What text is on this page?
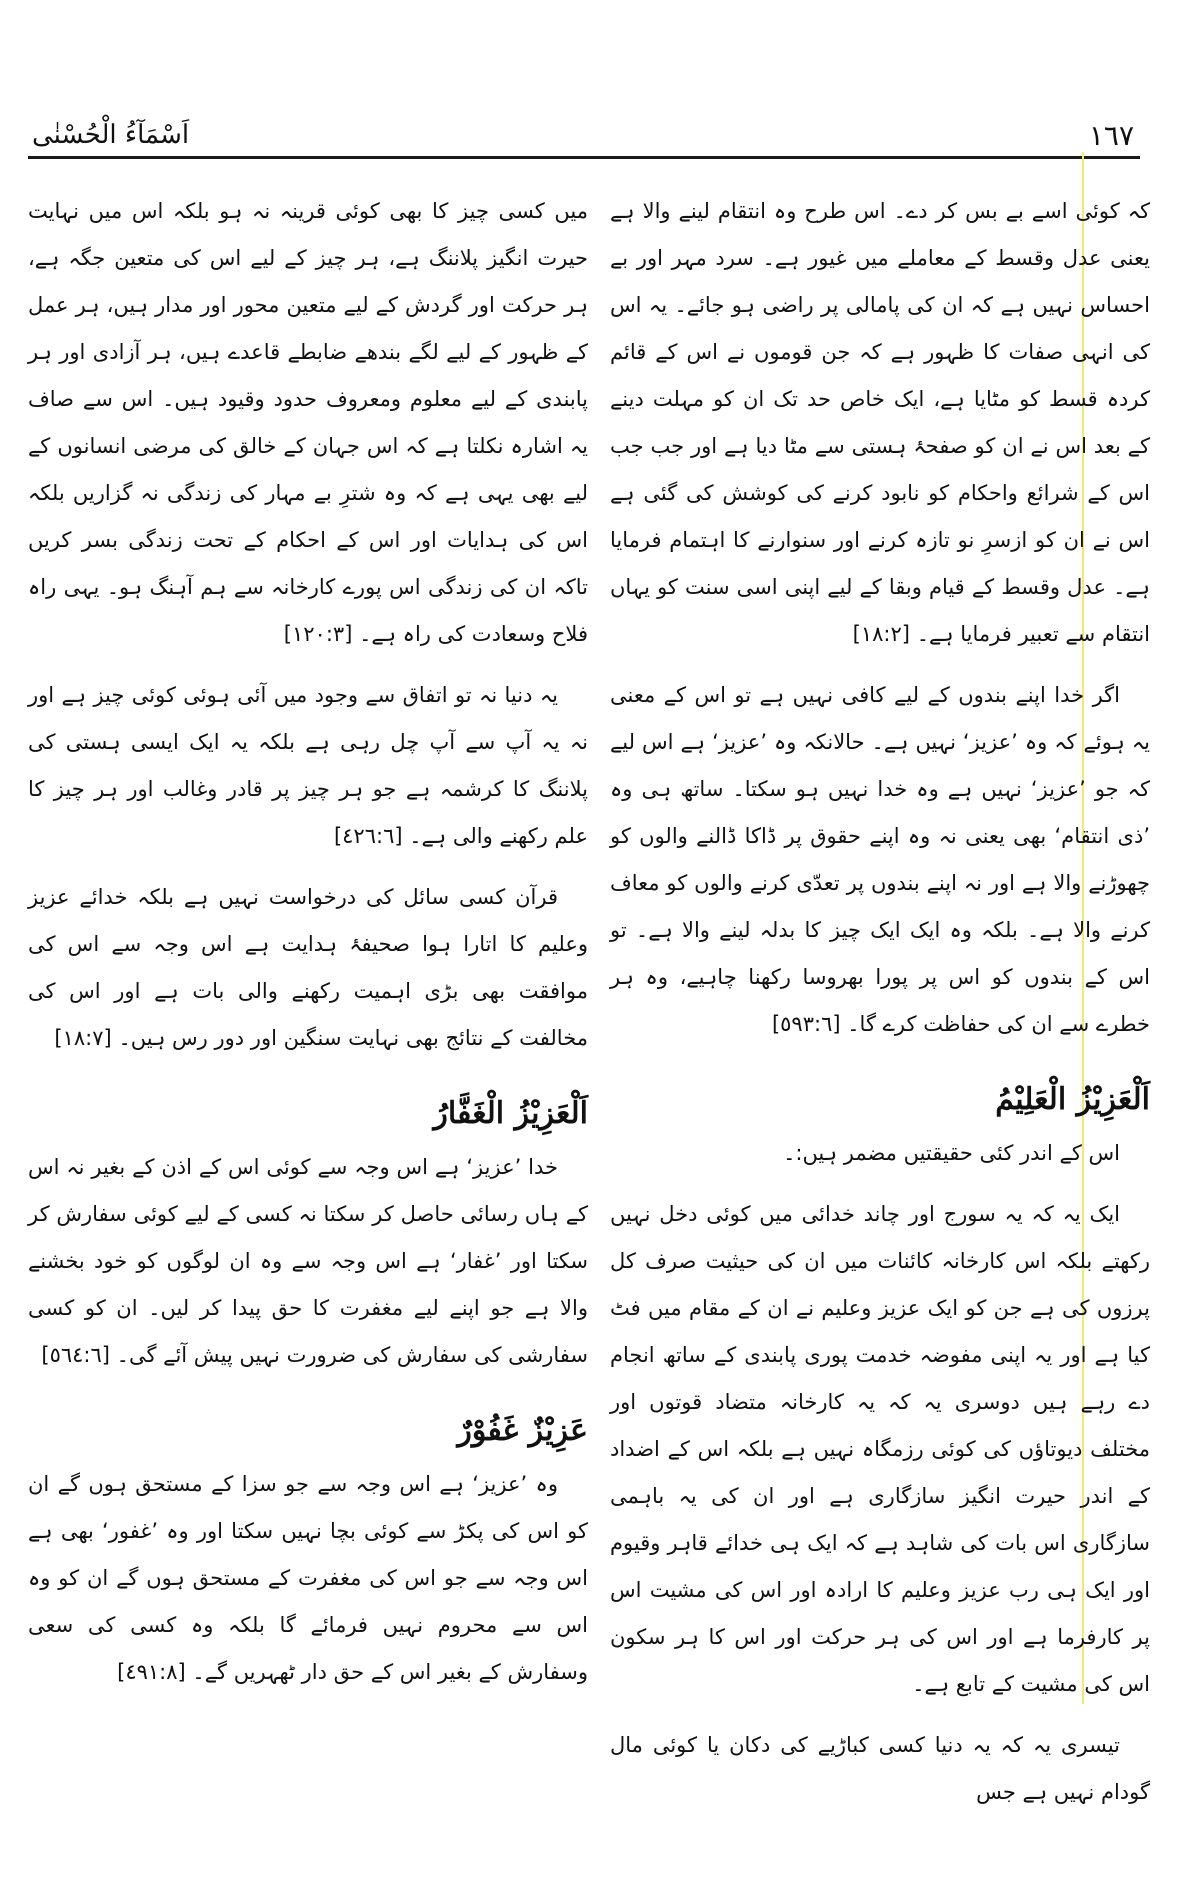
اَسْمَآءُ الْحُسْنٰی	١٦٧

کہ کوئی اسے بے بس کر دے۔ اس طرح وہ انتقام لینے والا ہے یعنی عدل وقسط کے معاملے میں غیور ہے۔ سرد مہر اور بے احساس نہیں ہے کہ ان کی پامالی پر راضی ہو جائے۔ یہ اس کی انہی صفات کا ظہور ہے کہ جن قوموں نے اس کے قائم کردہ قسط کو مٹایا ہے، ایک خاص حد تک ان کو مہلت دینے کے بعد اس نے ان کو صفحۂ ہستی سے مٹا دیا ہے اور جب جب اس کے شرائع واحکام کو نابود کرنے کی کوشش کی گئی ہے اس نے ان کو ازسرِ نو تازہ کرنے اور سنوارنے کا اہتمام فرمایا ہے۔ عدل وقسط کے قیام وبقا کے لیے اپنی اسی سنت کو یہاں انتقام سے تعبیر فرمایا ہے۔ [١٨:٢]

اگر خدا اپنے بندوں کے لیے کافی نہیں ہے تو اس کے معنی یہ ہوئے کہ وہ ’عزیز‘ نہیں ہے۔ حالانکہ وہ ’عزیز‘ ہے اس لیے کہ جو ’عزیز‘ نہیں ہے وہ خدا نہیں ہو سکتا۔ ساتھ ہی وہ ’ذی انتقام‘ بھی یعنی نہ وہ اپنے حقوق پر ڈاکا ڈالنے والوں کو چھوڑنے والا ہے اور نہ اپنے بندوں پر تعدّی کرنے والوں کو معاف کرنے والا ہے۔ بلکہ وہ ایک ایک چیز کا بدلہ لینے والا ہے۔ تو اس کے بندوں کو اس پر پورا بھروسا رکھنا چاہیے، وہ ہر خطرے سے ان کی حفاظت کرے گا۔ [٥٩٣:٦]

اَلْعَزِیْزُ الْعَلِیْمُ

اس کے اندر کئی حقیقتیں مضمر ہیں:۔

ایک یہ کہ یہ سورج اور چاند خدائی میں کوئی دخل نہیں رکھتے بلکہ اس کارخانہ کائنات میں ان کی حیثیت صرف کل پرزوں کی ہے جن کو ایک عزیز وعلیم نے ان کے مقام میں فٹ کیا ہے اور یہ اپنی مفوضہ خدمت پوری پابندی کے ساتھ انجام دے رہے ہیں دوسری یہ کہ یہ کارخانہ متضاد قوتوں اور مختلف دیوتاؤں کی کوئی رزمگاہ نہیں ہے بلکہ اس کے اضداد کے اندر حیرت انگیز سازگاری ہے اور ان کی یہ باہمی سازگاری اس بات کی شاہد ہے کہ ایک ہی خدائے قاہر وقیوم اور ایک ہی رب عزیز وعلیم کا ارادہ اور اس کی مشیت اس پر کارفرما ہے اور اس کی ہر حرکت اور اس کا ہر سکون اس کی مشیت کے تابع ہے۔

تیسری یہ کہ یہ دنیا کسی کباڑیے کی دکان یا کوئی مال گودام نہیں ہے جس

میں کسی چیز کا بھی کوئی قرینہ نہ ہو بلکہ اس میں نہایت حیرت انگیز پلاننگ ہے، ہر چیز کے لیے اس کی متعین جگہ ہے، ہر حرکت اور گردش کے لیے متعین محور اور مدار ہیں، ہر عمل کے ظہور کے لیے لگے بندھے ضابطے قاعدے ہیں، ہر آزادی اور ہر پابندی کے لیے معلوم ومعروف حدود وقیود ہیں۔ اس سے صاف یہ اشارہ نکلتا ہے کہ اس جہان کے خالق کی مرضی انسانوں کے لیے بھی یہی ہے کہ وہ شترِ بے مہار کی زندگی نہ گزاریں بلکہ اس کی ہدایات اور اس کے احکام کے تحت زندگی بسر کریں تاکہ ان کی زندگی اس پورے کارخانہ سے ہم آہنگ ہو۔ یہی راہ فلاح وسعادت کی راہ ہے۔ [١٢٠:٣]

یہ دنیا نہ تو اتفاق سے وجود میں آئی ہوئی کوئی چیز ہے اور نہ یہ آپ سے آپ چل رہی ہے بلکہ یہ ایک ایسی ہستی کی پلاننگ کا کرشمہ ہے جو ہر چیز پر قادر وغالب اور ہر چیز کا علم رکھنے والی ہے۔ [٤٢٦:٦]

قرآن کسی سائل کی درخواست نہیں ہے بلکہ خدائے عزیز وعلیم کا اتارا ہوا صحیفۂ ہدایت ہے اس وجہ سے اس کی موافقت بھی بڑی اہمیت رکھنے والی بات ہے اور اس کی مخالفت کے نتائج بھی نہایت سنگین اور دور رس ہیں۔ [١٨:٧]

اَلْعَزِیْزُ الْغَفَّارُ

خدا ’عزیز‘ ہے اس وجہ سے کوئی اس کے اذن کے بغیر نہ اس کے ہاں رسائی حاصل کر سکتا نہ کسی کے لیے کوئی سفارش کر سکتا اور ’غفار‘ ہے اس وجہ سے وہ ان لوگوں کو خود بخشنے والا ہے جو اپنے لیے مغفرت کا حق پیدا کر لیں۔ ان کو کسی سفارشی کی سفارش کی ضرورت نہیں پیش آئے گی۔ [٥٦٤:٦]

عَزِیْزٌ غَفُوْرٌ

وہ ’عزیز‘ ہے اس وجہ سے جو سزا کے مستحق ہوں گے ان کو اس کی پکڑ سے کوئی بچا نہیں سکتا اور وہ ’غفور‘ بھی ہے اس وجہ سے جو اس کی مغفرت کے مستحق ہوں گے ان کو وہ اس سے محروم نہیں فرمائے گا بلکہ وہ کسی کی سعی وسفارش کے بغیر اس کے حق دار ٹھہریں گے۔ [٤٩١:٨]
